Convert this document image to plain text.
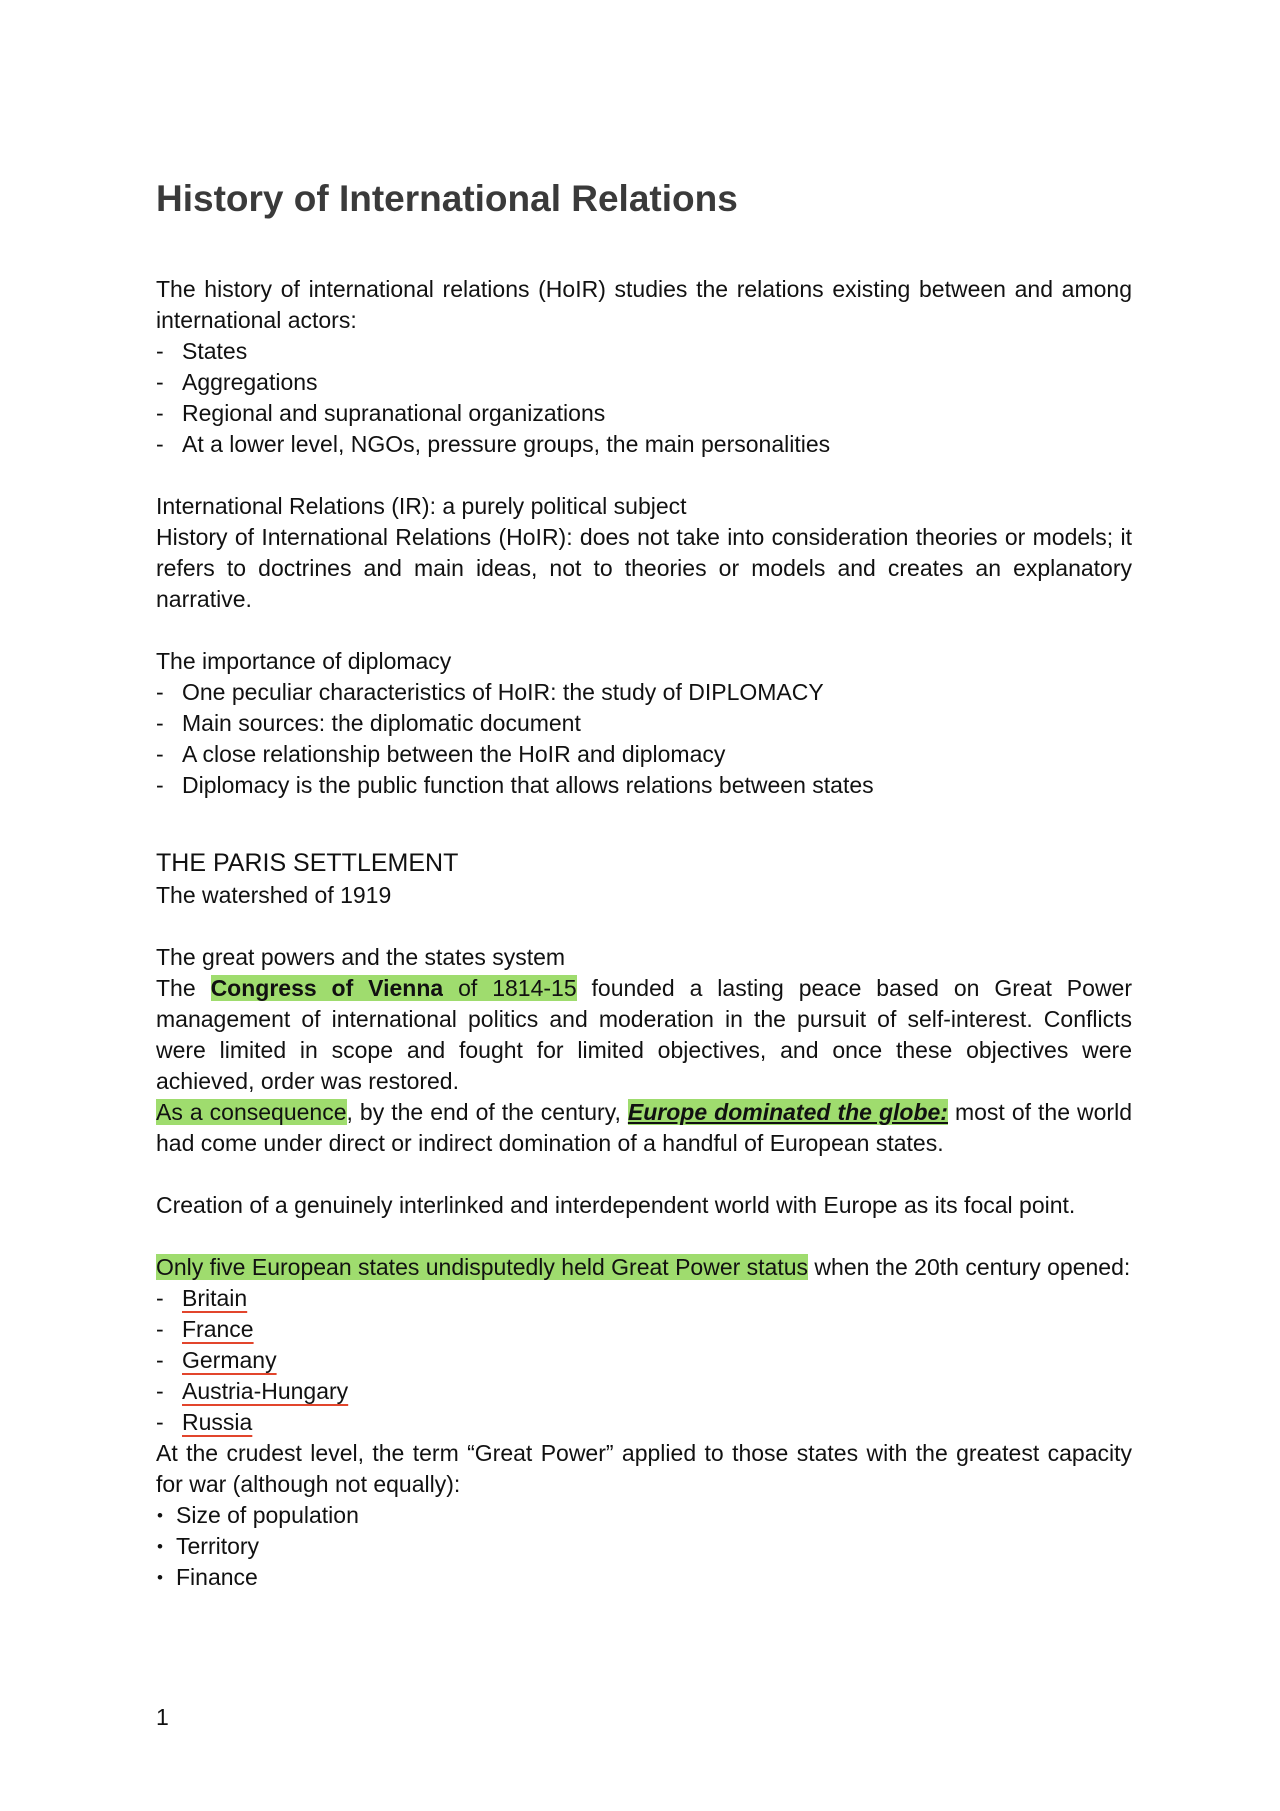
History of International Relations

The history of international relations (HoIR) studies the relations existing between and among international actors:

- States
- Aggregations
- Regional and supranational organizations
- At a lower level, NGOs, pressure groups, the main personalities

International Relations (IR): a purely political subject

History of International Relations (HoIR): does not take into consideration theories or models; it refers to doctrines and main ideas, not to theories or models and creates an explanatory narrative.

The importance of diplomacy

- One peculiar characteristics of HoIR: the study of DIPLOMACY
- Main sources: the diplomatic document
- A close relationship between the HoIR and diplomacy
- Diplomacy is the public function that allows relations between states

THE PARIS SETTLEMENT

The watershed of 1919

The great powers and the states system

The Congress of Vienna of 1814-15 founded a lasting peace based on Great Power management of international politics and moderation in the pursuit of self-interest. Conflicts were limited in scope and fought for limited objectives, and once these objectives were achieved, order was restored.

As a consequence, by the end of the century, Europe dominated the globe: most of the world had come under direct or indirect domination of a handful of European states.

Creation of a genuinely interlinked and interdependent world with Europe as its focal point.

Only five European states undisputedly held Great Power status when the 20th century opened:

- Britain
- France
- Germany
- Austria-Hungary
- Russia

At the crudest level, the term “Great Power” applied to those states with the greatest capacity for war (although not equally):

• Size of population
• Territory
• Finance
1
